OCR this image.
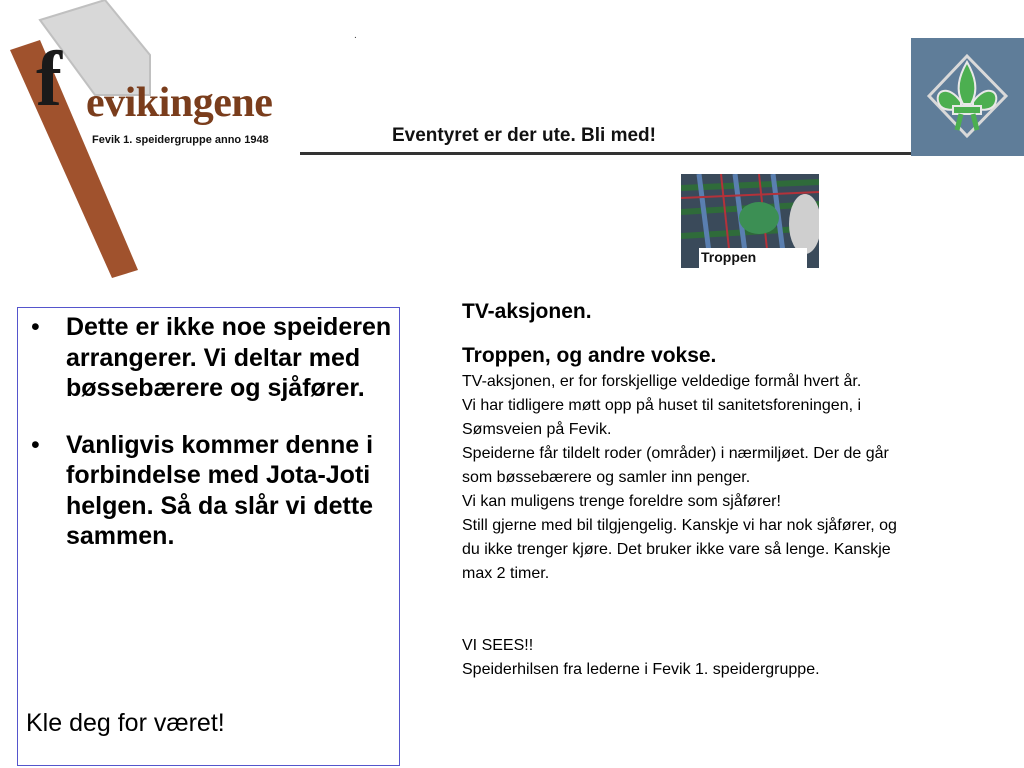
f evikingene
Fevik 1. speidergruppe anno 1948
.
Eventyret er der ute. Bli med!
Troppen
• Dette er ikke noe speideren arrangerer. Vi deltar med bøssebærere og sjåfører.
• Vanligvis kommer denne i forbindelse med Jota-Joti helgen. Så da slår vi dette sammen.
Kle deg for været!
TV-aksjonen.
Troppen, og andre vokse.
TV-aksjonen, er for forskjellige veldedige formål hvert år.
Vi har tidligere møtt opp på huset til sanitetsforeningen, i
Sømsveien på Fevik.
Speiderne får tildelt roder (områder) i nærmiljøet. Der de går
som bøssebærere og samler inn penger.
Vi kan muligens trenge foreldre som sjåfører!
Still gjerne med bil tilgjengelig. Kanskje vi har nok sjåfører, og
du ikke trenger kjøre. Det bruker ikke vare så lenge. Kanskje
max 2 timer.
VI SEES!!
Speiderhilsen fra lederne i Fevik 1. speidergruppe.
